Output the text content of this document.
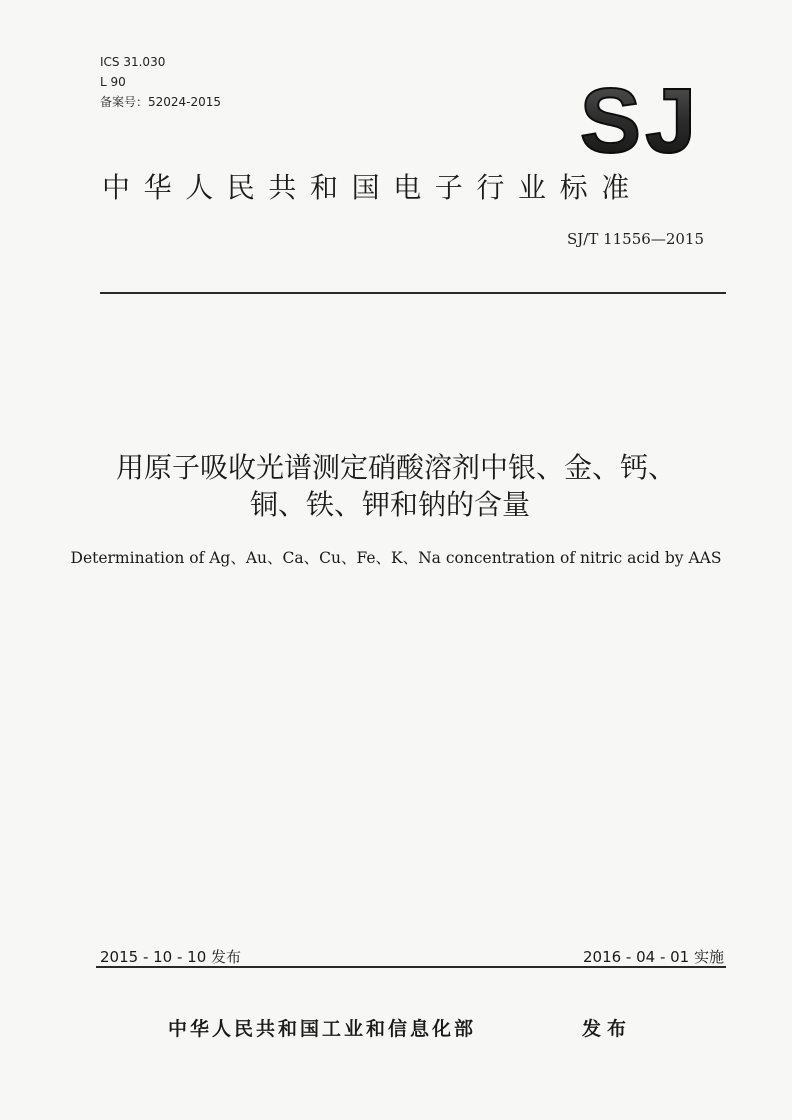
ICS 31.030
L 90
备案号：52024-2015	SJ
中华人民共和国电子行业标准
SJ/T 11556—2015
用原子吸收光谱测定硝酸溶剂中银、金、钙、
铜、铁、钾和钠的含量
Determination of Ag、Au、Ca、Cu、Fe、K、Na concentration of nitric acid by AAS
2015 - 10 - 10 发布	2016 - 04 - 01 实施
中华人民共和国工业和信息化部	发布
